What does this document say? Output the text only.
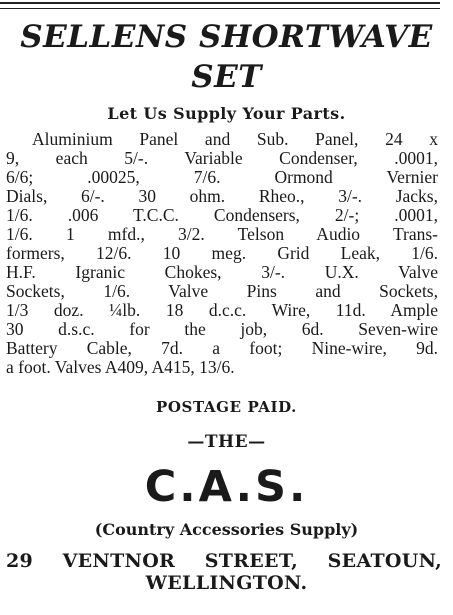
SELLENS SHORTWAVE
SET
Let Us Supply Your Parts.
Aluminium Panel and Sub. Panel, 24 x
9, each 5/-. Variable Condenser, .0001,
6/6; .00025, 7/6. Ormond Vernier
Dials, 6/-. 30 ohm. Rheo., 3/-. Jacks,
1/6. .006 T.C.C. Condensers, 2/-; .0001,
1/6. 1 mfd., 3/2. Telson Audio Trans-
formers, 12/6. 10 meg. Grid Leak, 1/6.
H.F. Igranic Chokes, 3/-. U.X. Valve
Sockets, 1/6. Valve Pins and Sockets,
1/3 doz. ¼lb. 18 d.c.c. Wire, 11d. Ample
30 d.s.c. for the job, 6d. Seven-wire
Battery Cable, 7d. a foot; Nine-wire, 9d.
a foot. Valves A409, A415, 13/6.
POSTAGE PAID.
—THE—
C.A.S.
(Country Accessories Supply)
29 VENTNOR STREET, SEATOUN,
WELLINGTON.
